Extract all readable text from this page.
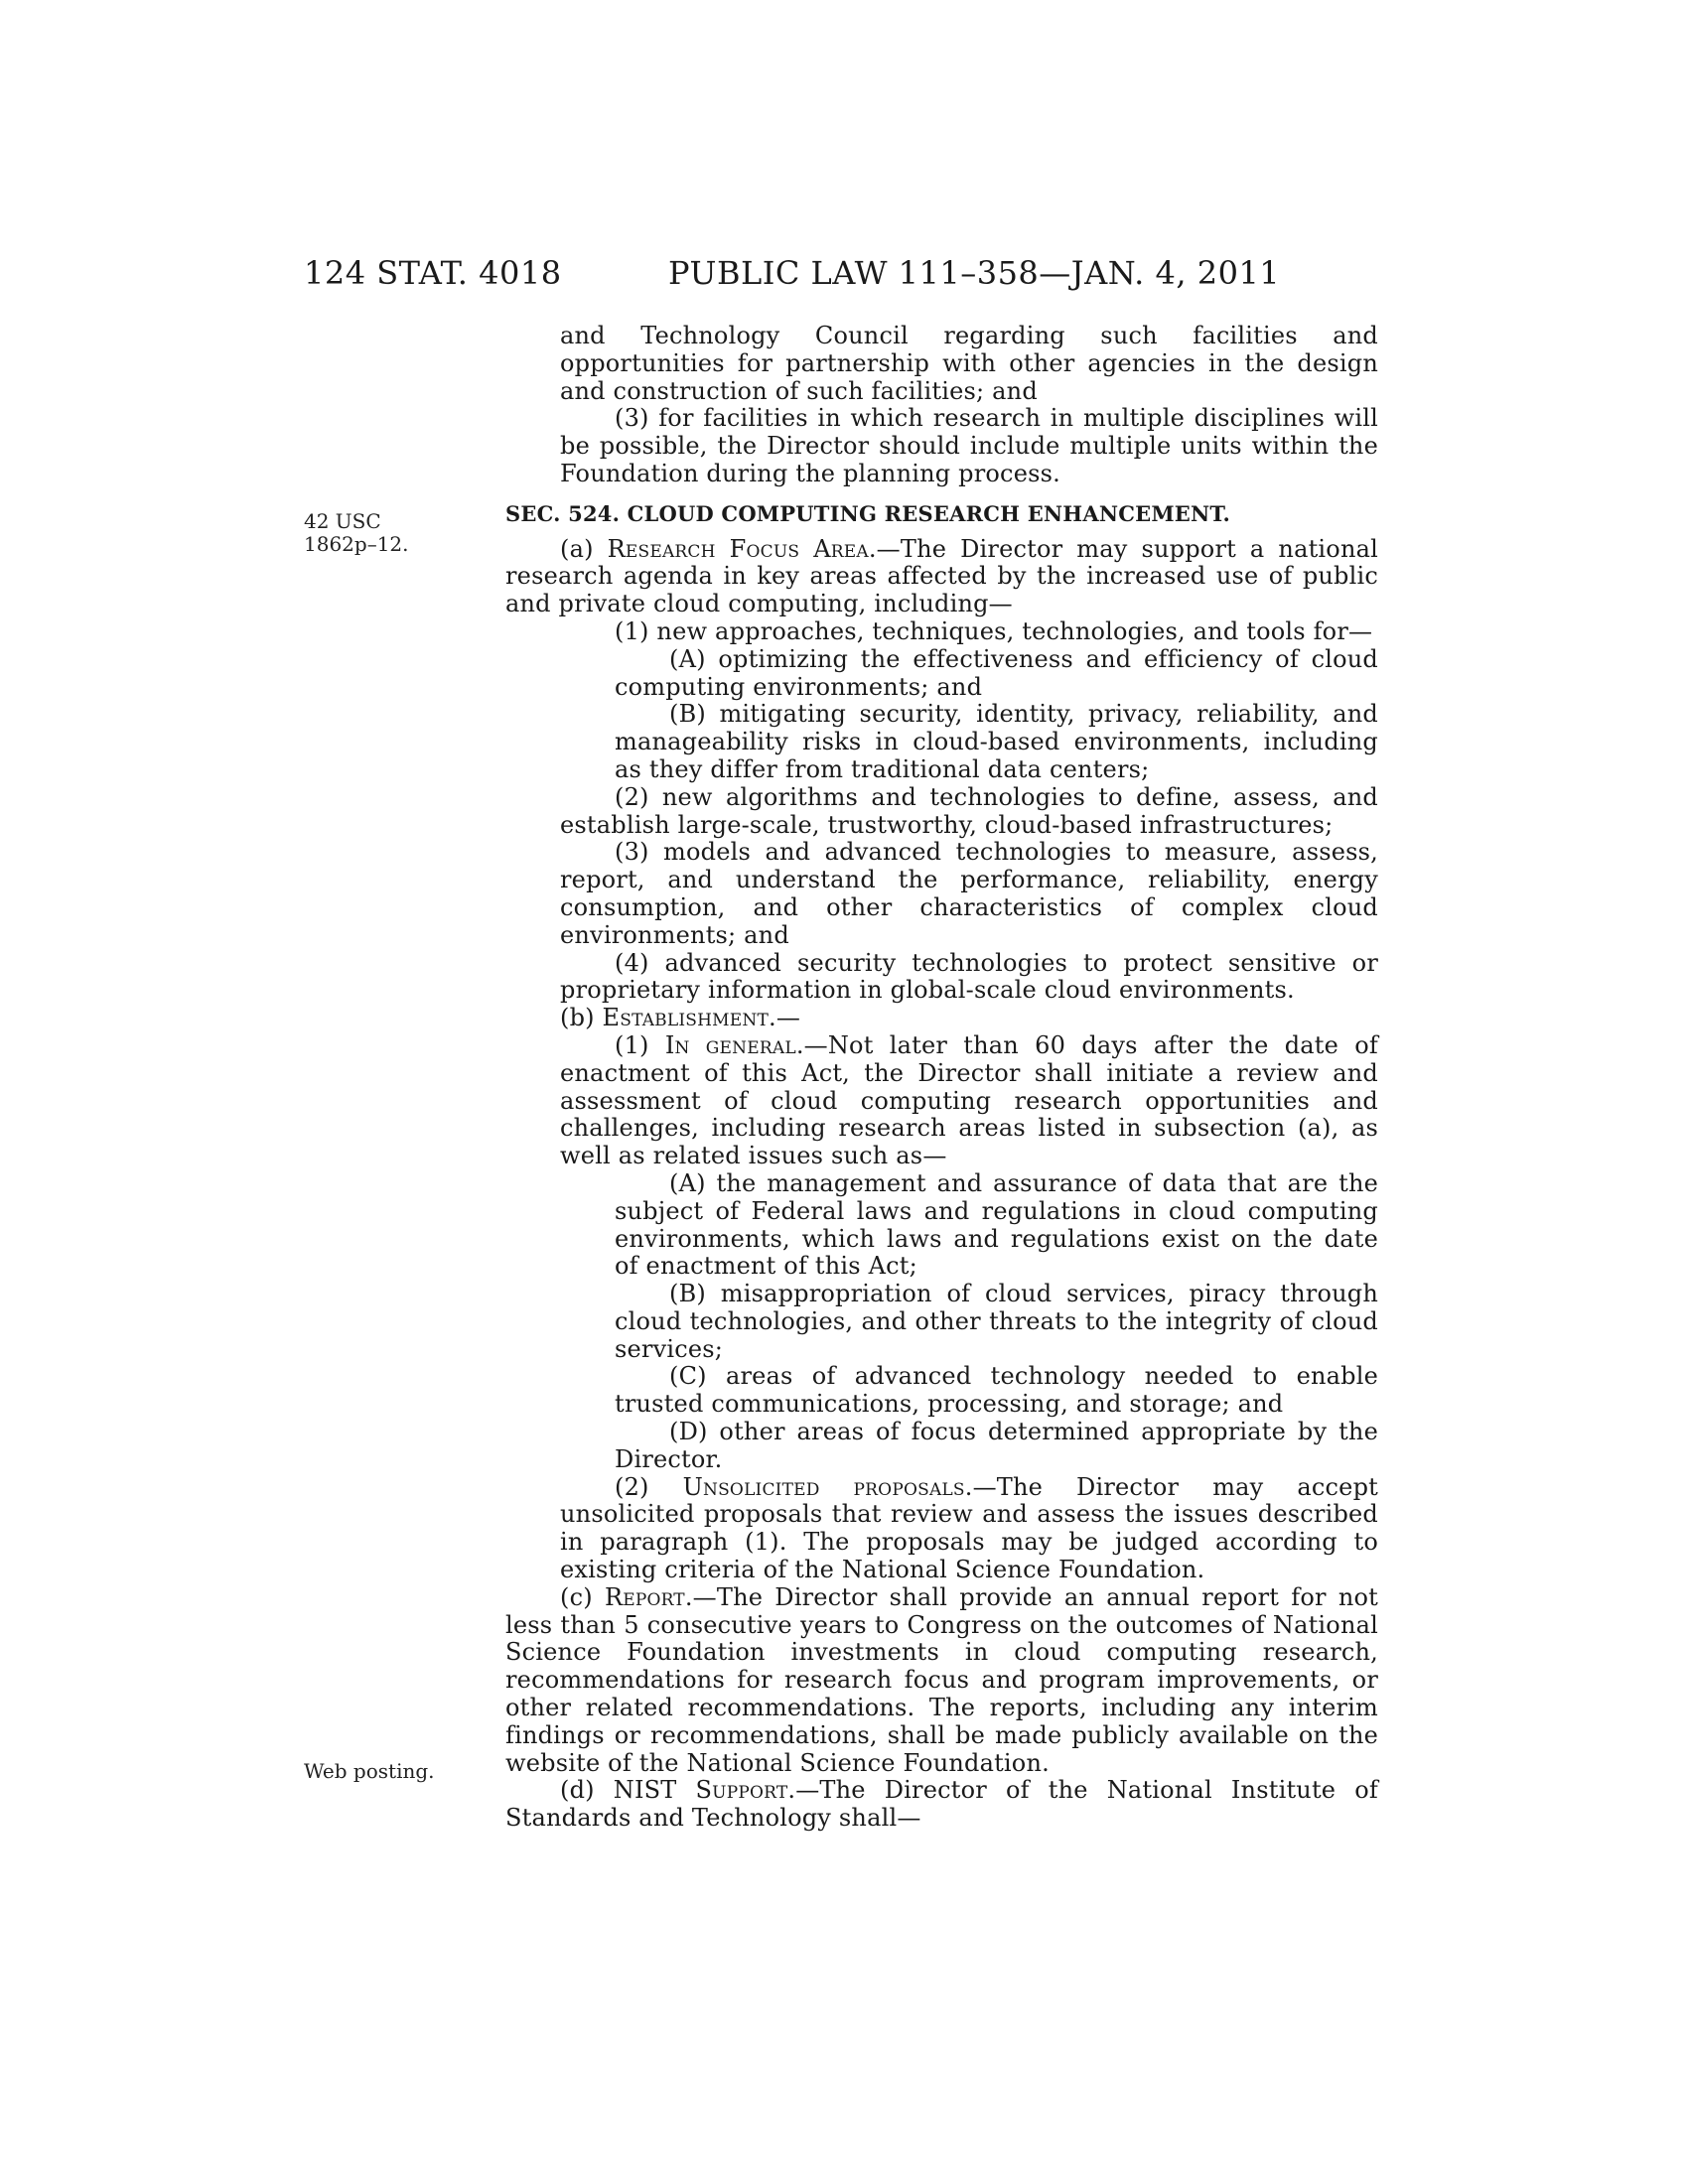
124 STAT. 4018	PUBLIC LAW 111–358—JAN. 4, 2011
42 USC
1862p–12.
Web posting.

and Technology Council regarding such facilities and opportunities for partnership with other agencies in the design and construction of such facilities; and

(3) for facilities in which research in multiple disciplines will be possible, the Director should include multiple units within the Foundation during the planning process.

SEC. 524. CLOUD COMPUTING RESEARCH ENHANCEMENT.

(a) Research Focus Area.—The Director may support a national research agenda in key areas affected by the increased use of public and private cloud computing, including—

(1) new approaches, techniques, technologies, and tools for—

(A) optimizing the effectiveness and efficiency of cloud computing environments; and

(B) mitigating security, identity, privacy, reliability, and manageability risks in cloud-based environments, including as they differ from traditional data centers;

(2) new algorithms and technologies to define, assess, and establish large-scale, trustworthy, cloud-based infrastructures;

(3) models and advanced technologies to measure, assess, report, and understand the performance, reliability, energy consumption, and other characteristics of complex cloud environments; and

(4) advanced security technologies to protect sensitive or proprietary information in global-scale cloud environments.

(b) Establishment.—

(1) In general.—Not later than 60 days after the date of enactment of this Act, the Director shall initiate a review and assessment of cloud computing research opportunities and challenges, including research areas listed in subsection (a), as well as related issues such as—

(A) the management and assurance of data that are the subject of Federal laws and regulations in cloud computing environments, which laws and regulations exist on the date of enactment of this Act;

(B) misappropriation of cloud services, piracy through cloud technologies, and other threats to the integrity of cloud services;

(C) areas of advanced technology needed to enable trusted communications, processing, and storage; and

(D) other areas of focus determined appropriate by the Director.

(2) Unsolicited proposals.—The Director may accept unsolicited proposals that review and assess the issues described in paragraph (1). The proposals may be judged according to existing criteria of the National Science Foundation.

(c) Report.—The Director shall provide an annual report for not less than 5 consecutive years to Congress on the outcomes of National Science Foundation investments in cloud computing research, recommendations for research focus and program improvements, or other related recommendations. The reports, including any interim findings or recommendations, shall be made publicly available on the website of the National Science Foundation.

(d) NIST Support.—The Director of the National Institute of Standards and Technology shall—
